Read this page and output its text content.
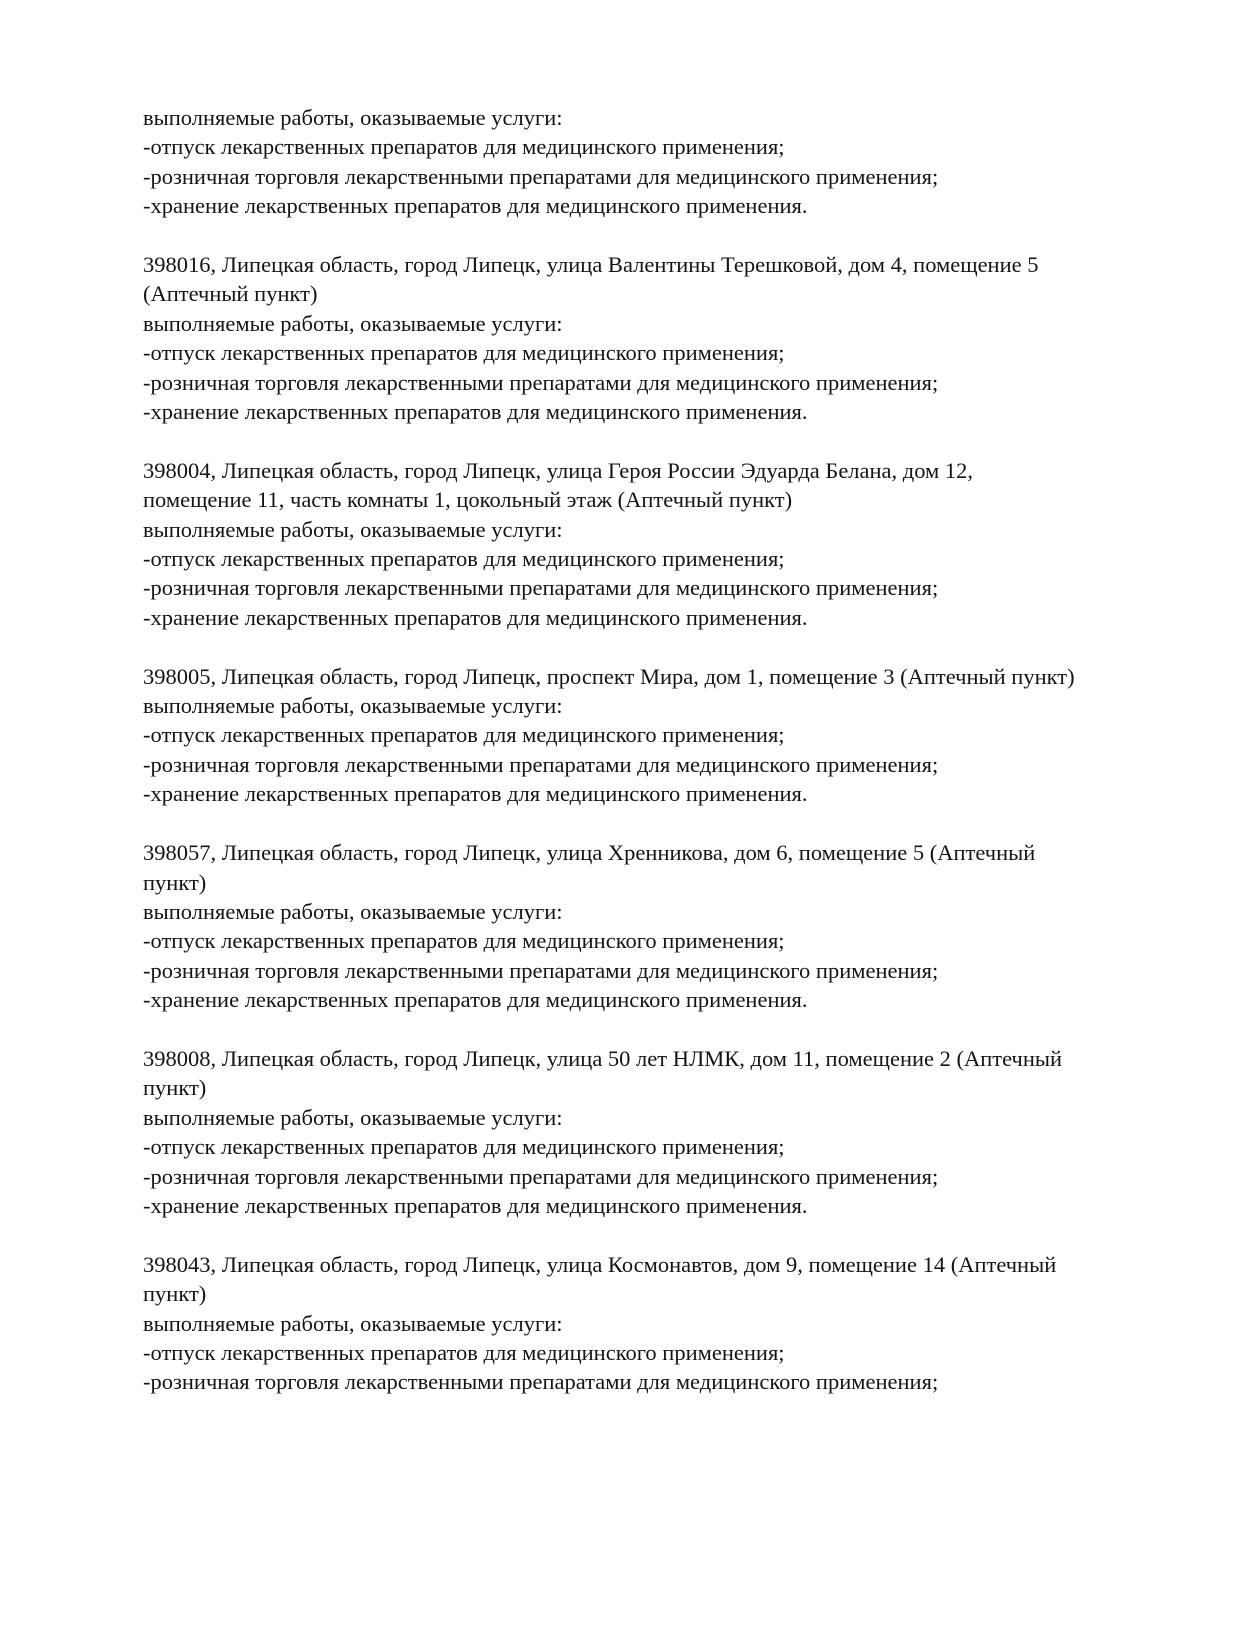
выполняемые работы, оказываемые услуги:
-отпуск лекарственных препаратов для медицинского применения;
-розничная торговля лекарственными препаратами для медицинского применения;
-хранение лекарственных препаратов для медицинского применения.
398016, Липецкая область, город Липецк, улица Валентины Терешковой, дом 4, помещение 5
(Аптечный пункт)
выполняемые работы, оказываемые услуги:
-отпуск лекарственных препаратов для медицинского применения;
-розничная торговля лекарственными препаратами для медицинского применения;
-хранение лекарственных препаратов для медицинского применения.
398004, Липецкая область, город Липецк, улица Героя России Эдуарда Белана, дом 12,
помещение 11, часть комнаты 1, цокольный этаж (Аптечный пункт)
выполняемые работы, оказываемые услуги:
-отпуск лекарственных препаратов для медицинского применения;
-розничная торговля лекарственными препаратами для медицинского применения;
-хранение лекарственных препаратов для медицинского применения.
398005, Липецкая область, город Липецк, проспект Мира, дом 1, помещение 3 (Аптечный пункт)
выполняемые работы, оказываемые услуги:
-отпуск лекарственных препаратов для медицинского применения;
-розничная торговля лекарственными препаратами для медицинского применения;
-хранение лекарственных препаратов для медицинского применения.
398057, Липецкая область, город Липецк, улица Хренникова, дом 6, помещение 5 (Аптечный
пункт)
выполняемые работы, оказываемые услуги:
-отпуск лекарственных препаратов для медицинского применения;
-розничная торговля лекарственными препаратами для медицинского применения;
-хранение лекарственных препаратов для медицинского применения.
398008, Липецкая область, город Липецк, улица 50 лет НЛМК, дом 11, помещение 2 (Аптечный
пункт)
выполняемые работы, оказываемые услуги:
-отпуск лекарственных препаратов для медицинского применения;
-розничная торговля лекарственными препаратами для медицинского применения;
-хранение лекарственных препаратов для медицинского применения.
398043, Липецкая область, город Липецк, улица Космонавтов, дом 9, помещение 14 (Аптечный
пункт)
выполняемые работы, оказываемые услуги:
-отпуск лекарственных препаратов для медицинского применения;
-розничная торговля лекарственными препаратами для медицинского применения;
